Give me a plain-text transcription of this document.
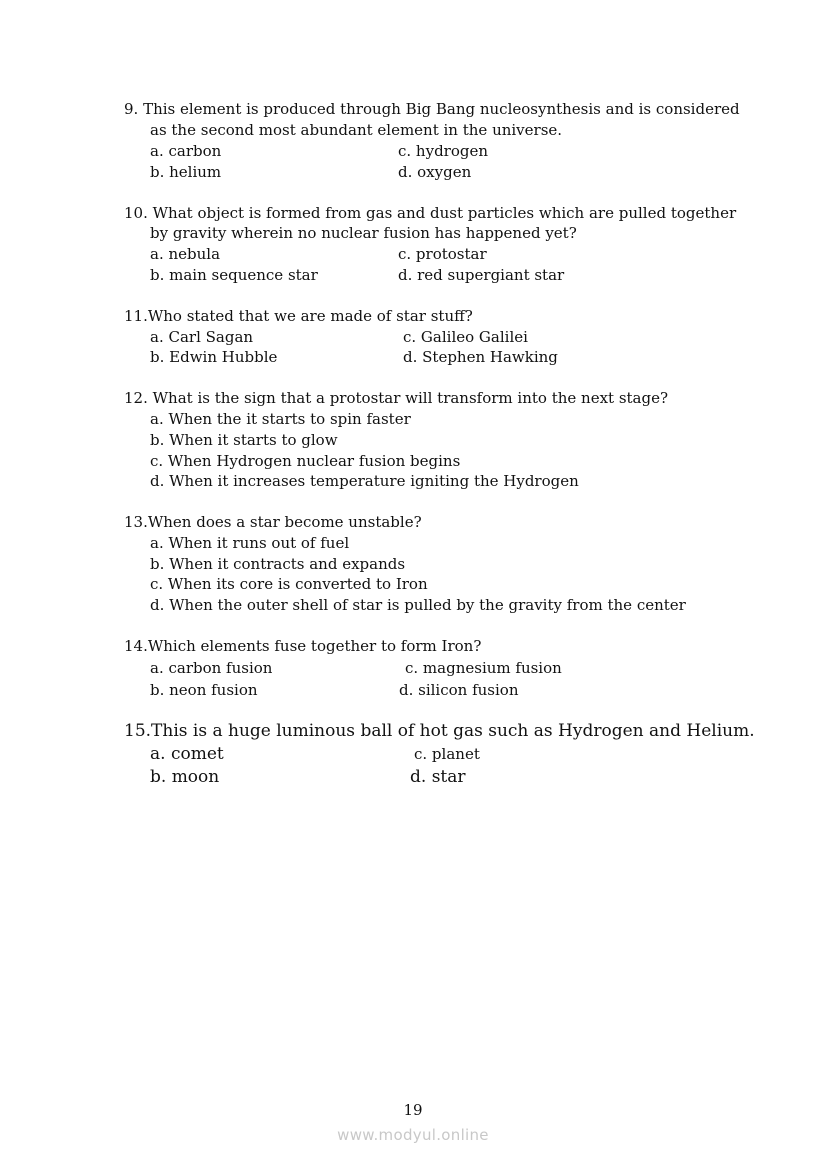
9. This element is produced through Big Bang nucleosynthesis and is considered
as the second most abundant element in the universe.
a. carbon	c. hydrogen
b. helium	d. oxygen
10. What object is formed from gas and dust particles which are pulled together
by gravity wherein no nuclear fusion has happened yet?
a. nebula	c. protostar
b. main sequence star	d. red supergiant star
11.Who stated that we are made of star stuff?
a. Carl Sagan	c. Galileo Galilei
b. Edwin Hubble	d. Stephen Hawking
12. What is the sign that a protostar will transform into the next stage?
a. When the it starts to spin faster
b. When it starts to glow
c. When Hydrogen nuclear fusion begins
d. When it increases temperature igniting the Hydrogen
13.When does a star become unstable?
a. When it runs out of fuel
b. When it contracts and expands
c. When its core is converted to Iron
d. When the outer shell of star is pulled by the gravity from the center
14.Which elements fuse together to form Iron?
a. carbon fusion	c. magnesium fusion
b. neon fusion	d. silicon fusion
15.This is a huge luminous ball of hot gas such as Hydrogen and Helium.
a. comet	c. planet
b. moon	d. star
19
www.modyul.online
